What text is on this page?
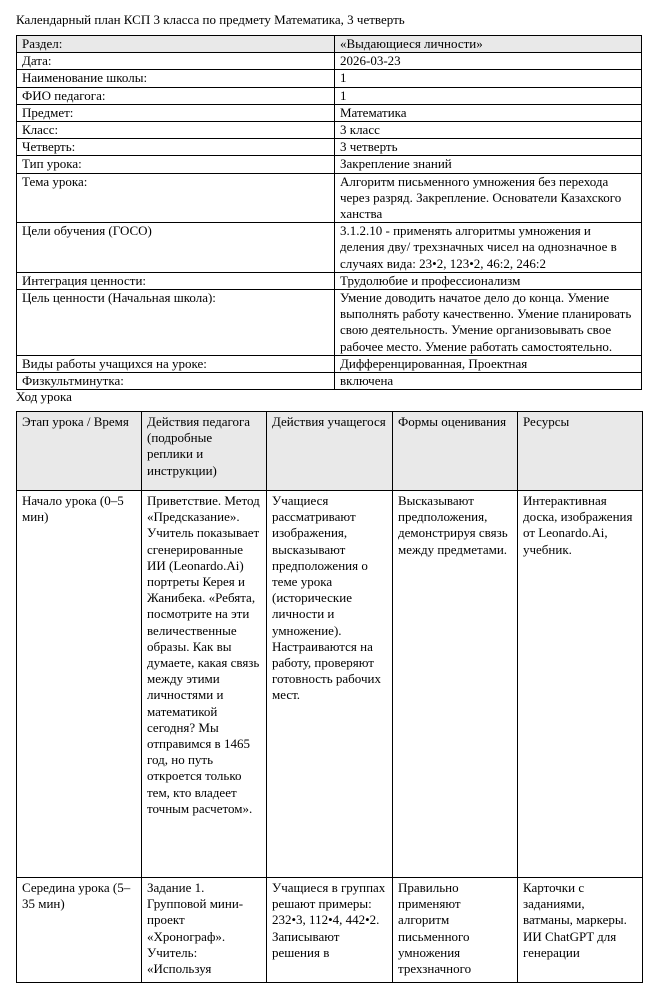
Календарный план КСП 3 класса по предмету Математика, 3 четверть
Раздел:	«Выдающиеся личности»
Дата:	2026-03-23
Наименование школы:	1
ФИО педагога:	1
Предмет:	Математика
Класс:	3 класс
Четверть:	3 четверть
Тип урока:	Закрепление знаний
Тема урока:	Алгоритм письменного умножения без перехода через разряд. Закрепление. Основатели Казахского ханства
Цели обучения (ГОСО)	3.1.2.10 - применять алгоритмы умножения и деления дву/ трехзначных чисел на однозначное в случаях вида: 23•2, 123•2, 46:2, 246:2
Интеграция ценности:	Трудолюбие и профессионализм
Цель ценности (Начальная школа):	Умение доводить начатое дело до конца. Умение выполнять работу качественно. Умение планировать свою деятельность. Умение организовывать свое рабочее место. Умение работать самостоятельно.
Виды работы учащихся на уроке:	Дифференцированная, Проектная
Физкультминутка:	включена
Ход урока
Этап урока / Время	Действия педагога (подробные реплики и инструкции)	Действия учащегося	Формы оценивания	Ресурсы
Начало урока (0–5 мин)	Приветствие. Метод «Предсказание». Учитель показывает сгенерированные ИИ (Leonardo.Ai) портреты Керея и Жанибека. «Ребята, посмотрите на эти величественные образы. Как вы думаете, какая связь между этими личностями и математикой сегодня? Мы отправимся в 1465 год, но путь откроется только тем, кто владеет точным расчетом».	Учащиеся рассматривают изображения, высказывают предположения о теме урока (исторические личности и умножение). Настраиваются на работу, проверяют готовность рабочих мест.	Высказывают предположения, демонстрируя связь между предметами.	Интерактивная доска, изображения от Leonardo.Ai, учебник.
Середина урока (5–35 мин)	Задание 1. Групповой мини-проект «Хронограф». Учитель: «Используя	Учащиеся в группах решают примеры: 232•3, 112•4, 442•2. Записывают решения в	Правильно применяют алгоритм письменного умножения трехзначного	Карточки с заданиями, ватманы, маркеры. ИИ ChatGPT для генерации
